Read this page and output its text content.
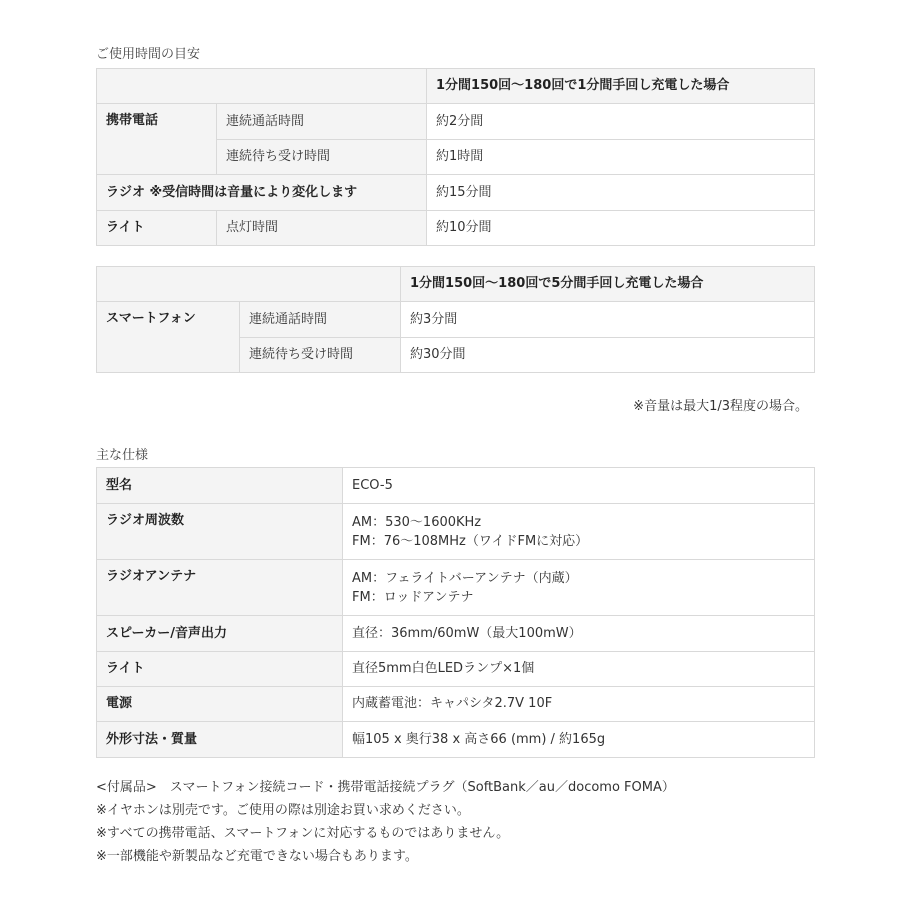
ご使用時間の目安
		1分間150回〜180回で1分間手回し充電した場合
携帯電話	連続通話時間	約2分間
	連続待ち受け時間	約1時間
ラジオ ※受信時間は音量により変化します		約15分間
ライト	点灯時間	約10分間
		1分間150回〜180回で5分間手回し充電した場合
スマートフォン	連続通話時間	約3分間
	連続待ち受け時間	約30分間
※音量は最大1/3程度の場合。
主な仕様
型名	ECO-5
ラジオ周波数	AM：530〜1600KHz
FM：76〜108MHz（ワイドFMに対応）

ラジオアンテナ	AM：フェライトバーアンテナ（内蔵）
FM：ロッドアンテナ

スピーカー/音声出力	直径：36mm/60mW（最大100mW）
ライト	直径5mm白色LEDランプ×1個
電源	内蔵蓄電池：キャパシタ2.7V 10F
外形寸法・質量	幅105 x 奥行38 x 高さ66 (mm) / 約165g
<付属品>　スマートフォン接続コード・携帯電話接続プラグ（SoftBank／au／docomo FOMA）
※イヤホンは別売です。ご使用の際は別途お買い求めください。
※すべての携帯電話、スマートフォンに対応するものではありません。
※一部機能や新製品など充電できない場合もあります。
